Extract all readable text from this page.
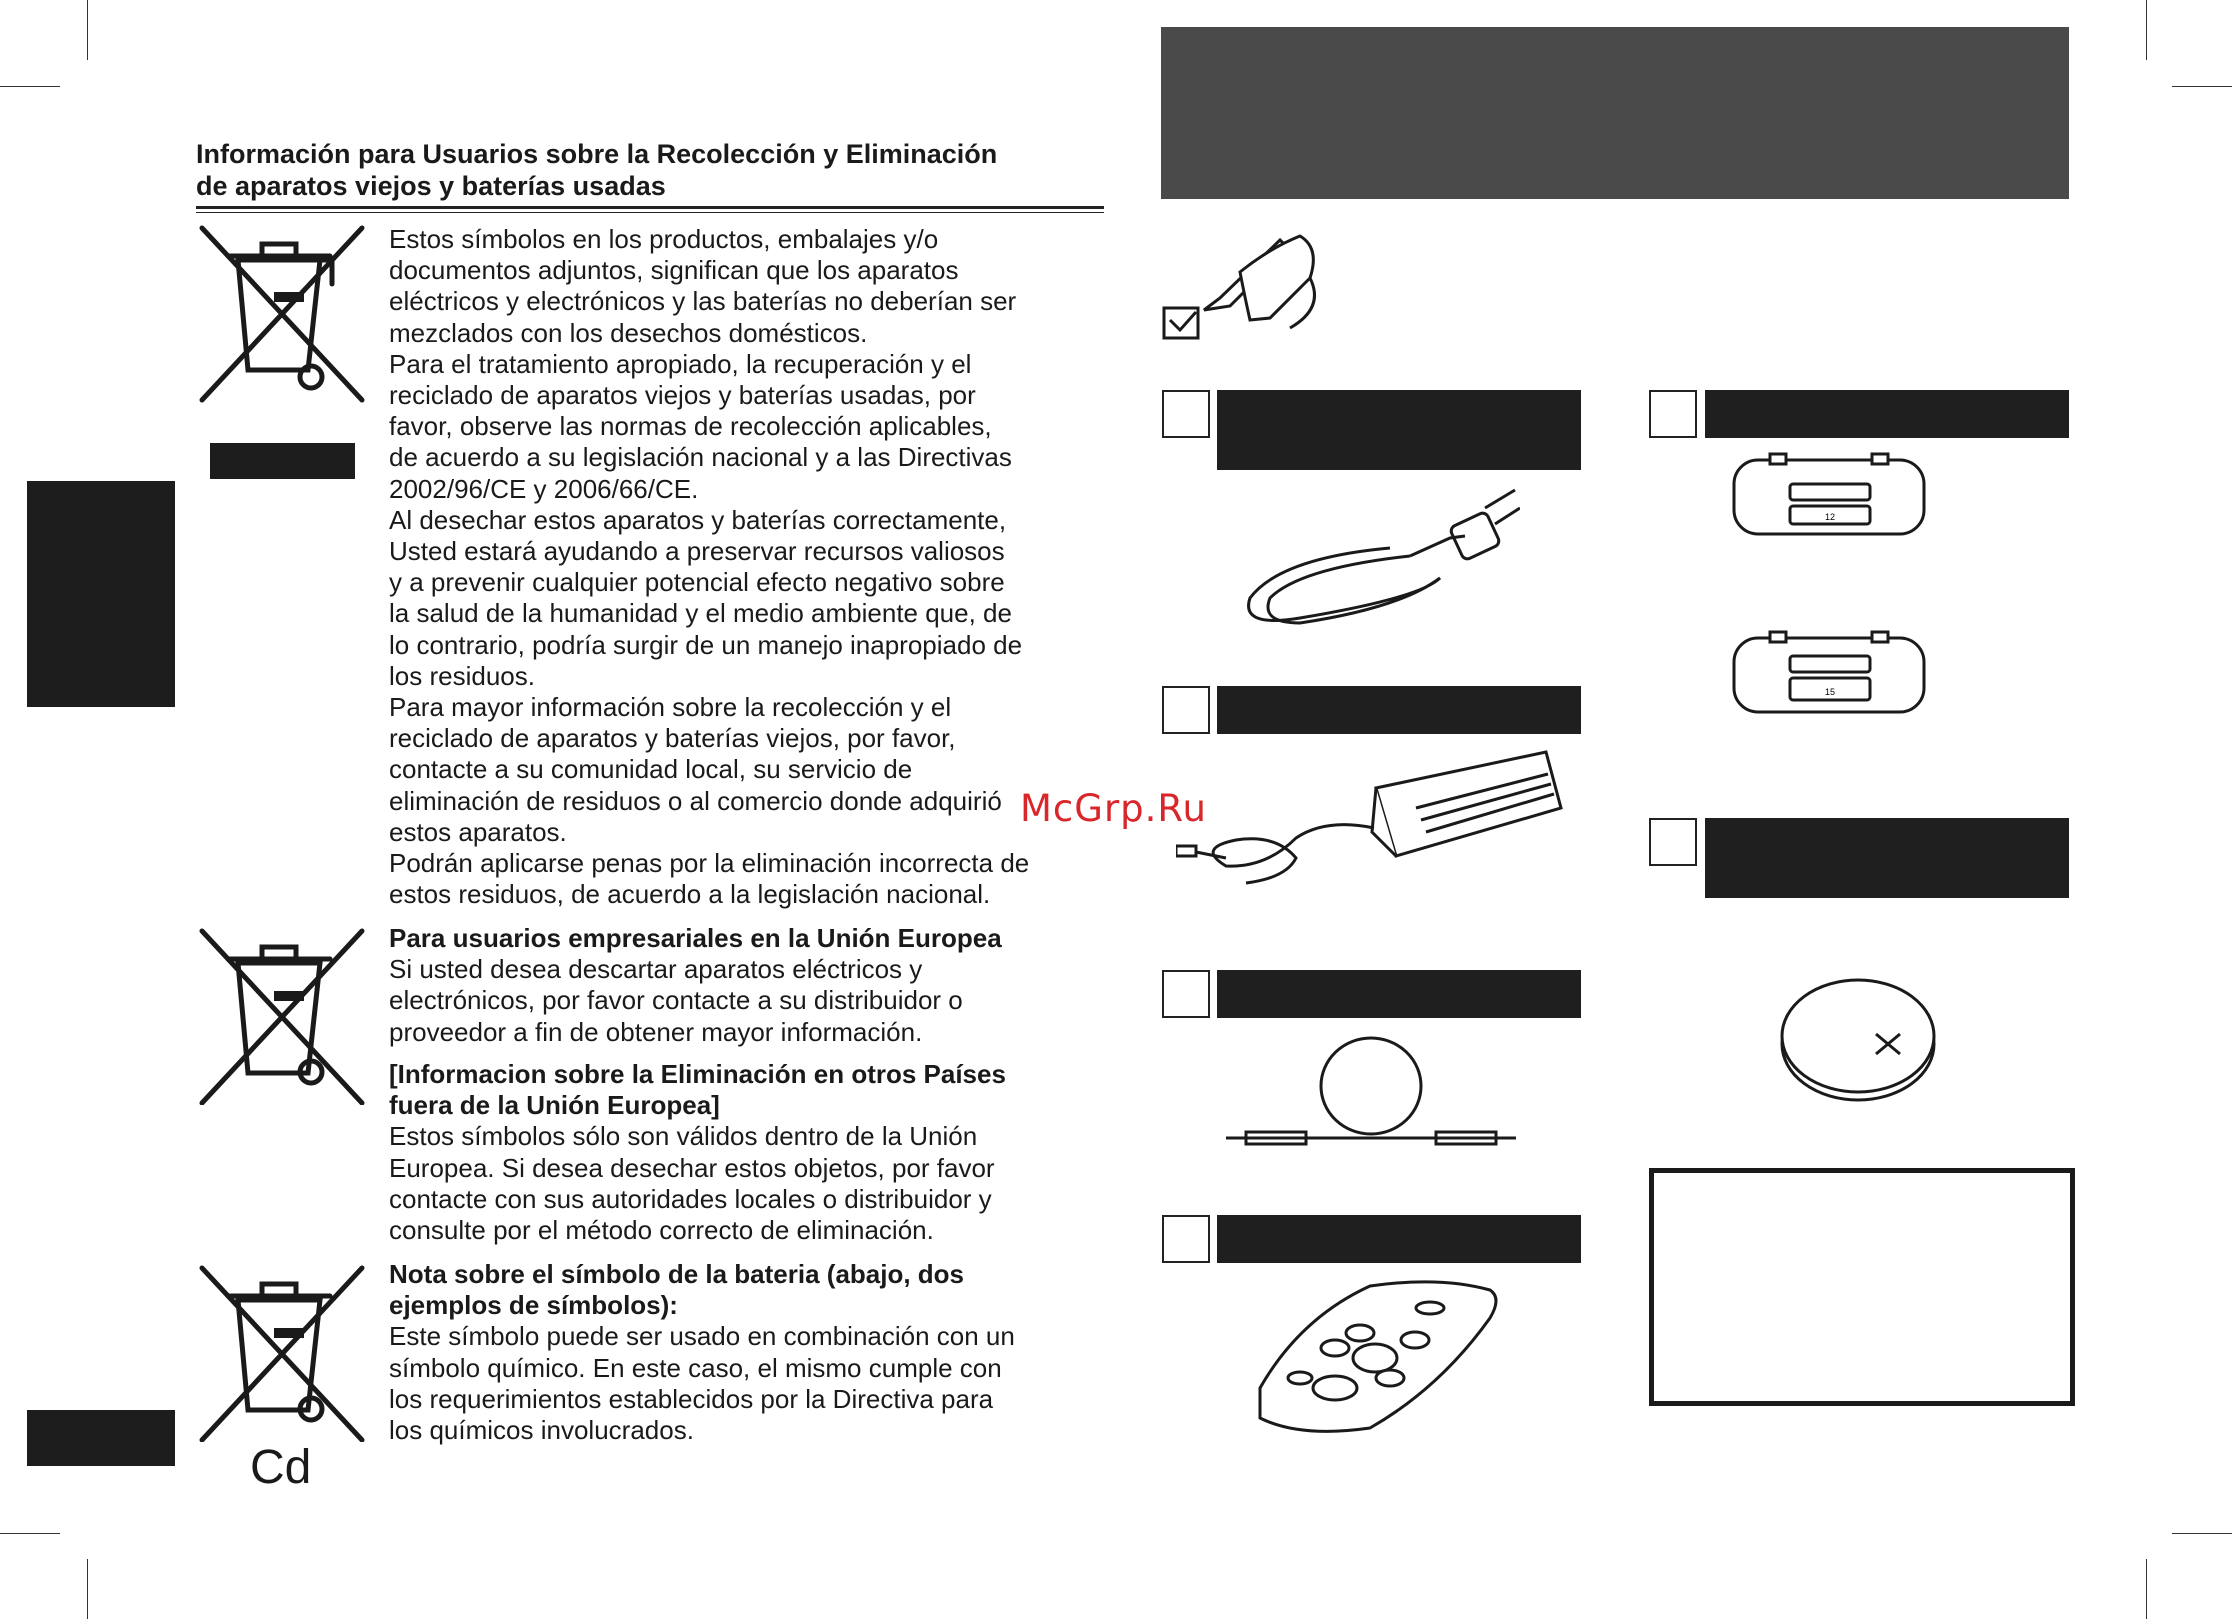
Información para Usuarios sobre la Recolección y Eliminación
de aparatos viejos y baterías usadas
Cd
Estos símbolos en los productos, embalajes y/o
documentos adjuntos, significan que los aparatos
eléctricos y electrónicos y las baterías no deberían ser
mezclados con los desechos domésticos.
Para el tratamiento apropiado, la recuperación y el
reciclado de aparatos viejos y baterías usadas, por
favor, observe las normas de recolección aplicables,
de acuerdo a su legislación nacional y a las Directivas
2002/96/CE y 2006/66/CE.
Al desechar estos aparatos y baterías correctamente,
Usted estará ayudando a preservar recursos valiosos
y a prevenir cualquier potencial efecto negativo sobre
la salud de la humanidad y el medio ambiente que, de
lo contrario, podría surgir de un manejo inapropiado de
los residuos.
Para mayor información sobre la recolección y el
reciclado de aparatos y baterías viejos, por favor,
contacte a su comunidad local, su servicio de
eliminación de residuos o al comercio donde adquirió
estos aparatos.
Podrán aplicarse penas por la eliminación incorrecta de
estos residuos, de acuerdo a la legislación nacional.
Para usuarios empresariales en la Unión Europea
Si usted desea descartar aparatos eléctricos y
electrónicos, por favor contacte a su distribuidor o
proveedor a fin de obtener mayor información.
[Informacion sobre la Eliminación en otros Países
fuera de la Unión Europea]
Estos símbolos sólo son válidos dentro de la Unión
Europea. Si desea desechar estos objetos, por favor
contacte con sus autoridades locales o distribuidor y
consulte por el método correcto de eliminación.
Nota sobre el símbolo de la bateria (abajo, dos
ejemplos de símbolos):
Este símbolo puede ser usado en combinación con un
símbolo químico. En este caso, el mismo cumple con
los requerimientos establecidos por la Directiva para
los químicos involucrados.
12
15
McGrp.Ru
